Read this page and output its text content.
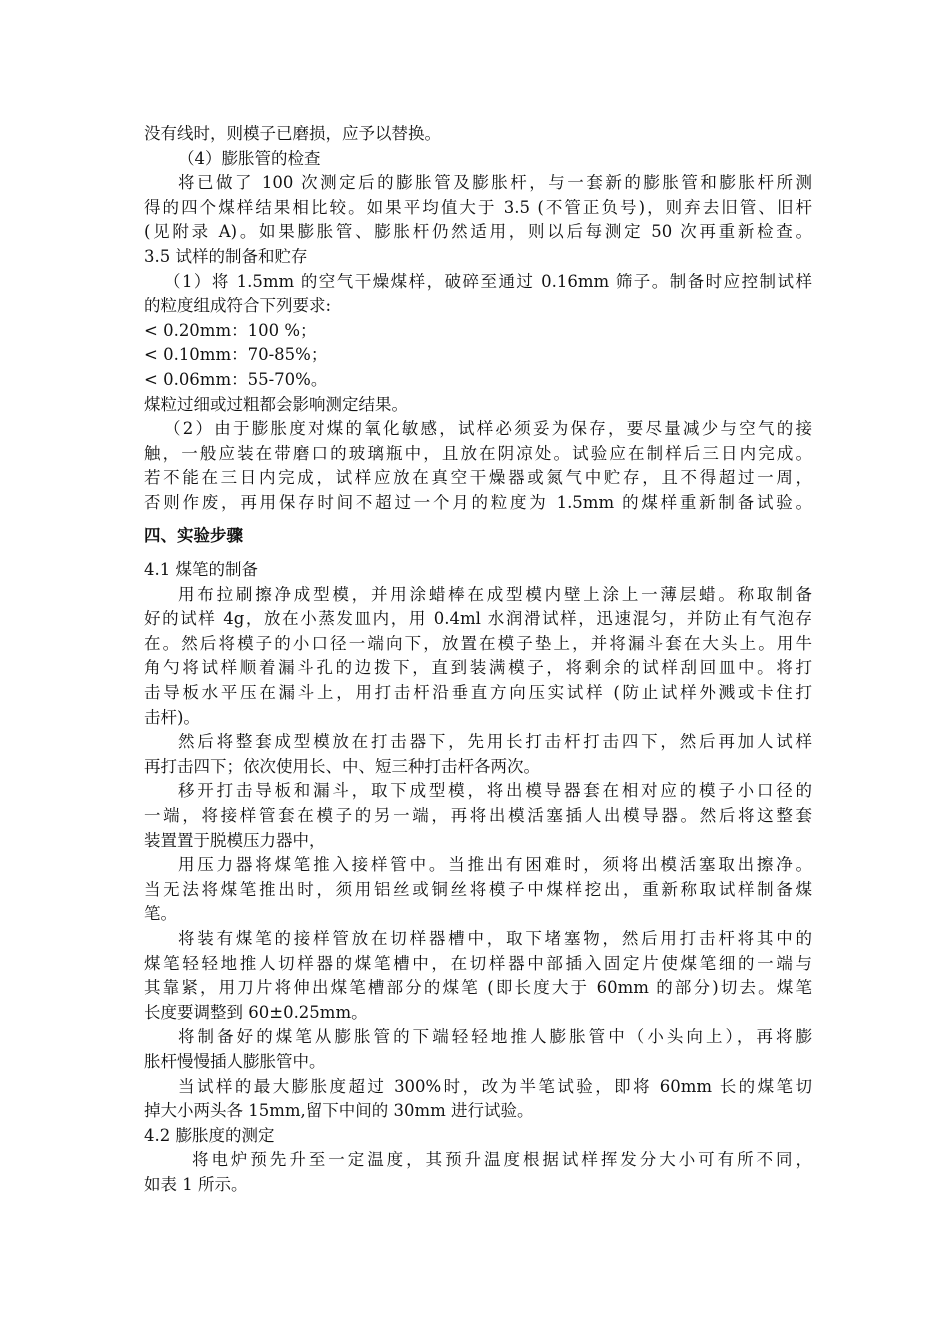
没有线时，则模子已磨损，应予以替换。
（4）膨胀管的检查
将已做了 100 次测定后的膨胀管及膨胀杆，与一套新的膨胀管和膨胀杆所测
得的四个煤样结果相比较。如果平均值大于 3.5 (不管正负号)，则弃去旧管、旧杆
(见附录 A)。如果膨胀管、膨胀杆仍然适用，则以后每测定 50 次再重新检查。
3.5 试样的制备和贮存
（1）将 1.5mm 的空气干燥煤样，破碎至通过 0.16mm 筛子。制备时应控制试样
的粒度组成符合下列要求:
< 0.20mm：100 %；
< 0.10mm：70-85%；
< 0.06mm：55-70%。
煤粒过细或过粗都会影响测定结果。
（2）由于膨胀度对煤的氧化敏感，试样必须妥为保存，要尽量减少与空气的接
触，一般应装在带磨口的玻璃瓶中，且放在阴凉处。试验应在制样后三日内完成。
若不能在三日内完成，试样应放在真空干燥器或氮气中贮存，且不得超过一周，
否则作废，再用保存时间不超过一个月的粒度为 1.5mm 的煤样重新制备试验。
四、实验步骤
4.1 煤笔的制备
用布拉刷擦净成型模，并用涂蜡棒在成型模内壁上涂上一薄层蜡。称取制备
好的试样 4g，放在小蒸发皿内，用 0.4ml 水润滑试样，迅速混匀，并防止有气泡存
在。然后将模子的小口径一端向下，放置在模子垫上，并将漏斗套在大头上。用牛
角勺将试样顺着漏斗孔的边拨下，直到装满模子，将剩余的试样刮回皿中。将打
击导板水平压在漏斗上，用打击杆沿垂直方向压实试样 (防止试样外溅或卡住打
击杆)。
然后将整套成型模放在打击器下，先用长打击杆打击四下，然后再加人试样
再打击四下；依次使用长、中、短三种打击杆各两次。
移开打击导板和漏斗，取下成型模，将出模导器套在相对应的模子小口径的
一端，将接样管套在模子的另一端，再将出模活塞插人出模导器。然后将这整套
装置置于脱模压力器中，
用压力器将煤笔推入接样管中。当推出有困难时，须将出模活塞取出擦净。
当无法将煤笔推出时，须用铝丝或铜丝将模子中煤样挖出，重新称取试样制备煤
笔。
将装有煤笔的接样管放在切样器槽中，取下堵塞物，然后用打击杆将其中的
煤笔轻轻地推人切样器的煤笔槽中，在切样器中部插入固定片使煤笔细的一端与
其靠紧，用刀片将伸出煤笔槽部分的煤笔 (即长度大于 60mm 的部分)切去。煤笔
长度要调整到 60±0.25mm。
将制备好的煤笔从膨胀管的下端轻轻地推人膨胀管中（小头向上），再将膨
胀杆慢慢插人膨胀管中。
当试样的最大膨胀度超过 300%时，改为半笔试验，即将 60mm 长的煤笔切
掉大小两头各 15mm,留下中间的 30mm 进行试验。
4.2 膨胀度的测定
将电炉预先升至一定温度，其预升温度根据试样挥发分大小可有所不同，
如表 1 所示。
